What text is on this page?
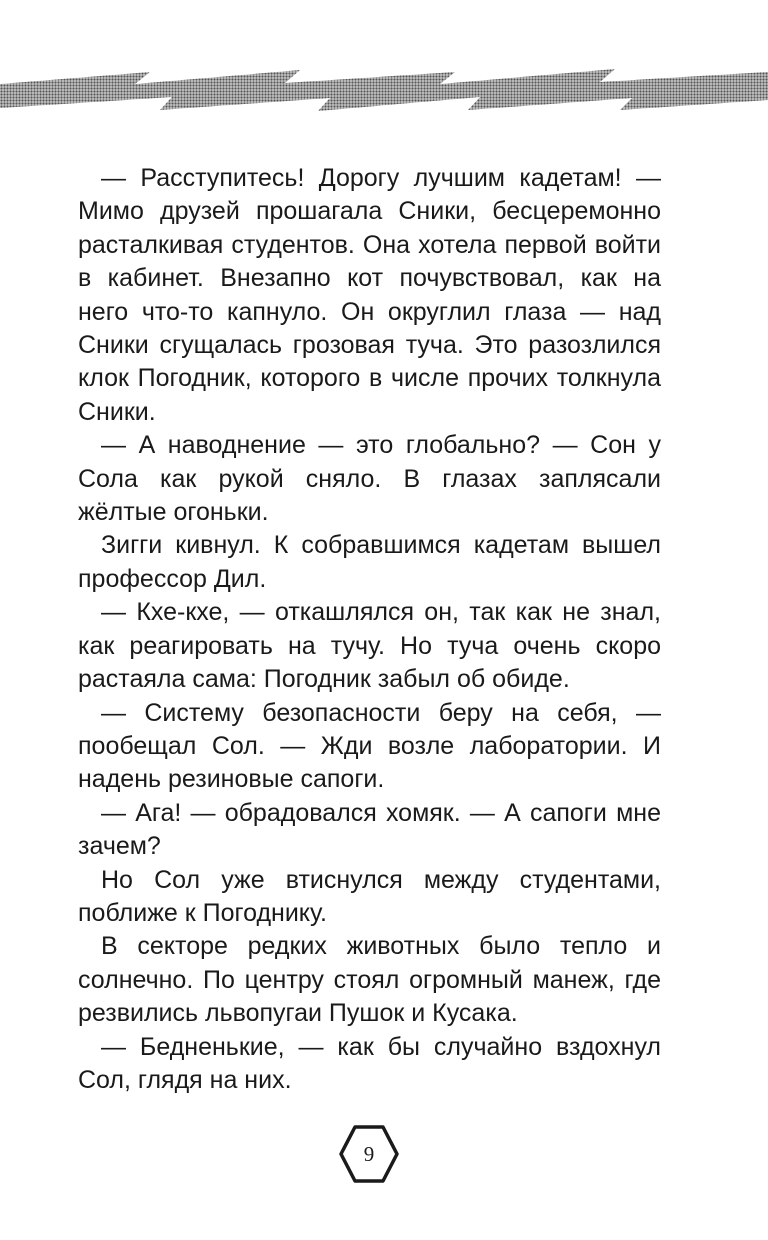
— Расступитесь! Дорогу лучшим кадетам! — Мимо друзей прошагала Сники, бесцеремонно расталкивая студентов. Она хотела первой войти в кабинет. Внезапно кот почувствовал, как на него что-то капнуло. Он округлил глаза — над Сники сгущалась грозовая туча. Это разозлился клок Погодник, которого в числе прочих толкнула Сники.

— А наводнение — это глобально? — Сон у Сола как рукой сняло. В глазах заплясали жёлтые огоньки.

Зигги кивнул. К собравшимся кадетам вышел профессор Дил.

— Кхе-кхе, — откашлялся он, так как не знал, как реагировать на тучу. Но туча очень скоро растаяла сама: Погодник забыл об обиде.

— Систему безопасности беру на себя, — пообещал Сол. — Жди возле лаборатории. И надень резиновые сапоги.

— Ага! — обрадовался хомяк. — А сапоги мне зачем?

Но Сол уже втиснулся между студентами, поближе к Погоднику.

В секторе редких животных было тепло и солнечно. По центру стоял огромный манеж, где резвились львопугаи Пушок и Кусака.

— Бедненькие, — как бы случайно вздохнул Сол, глядя на них.

9
